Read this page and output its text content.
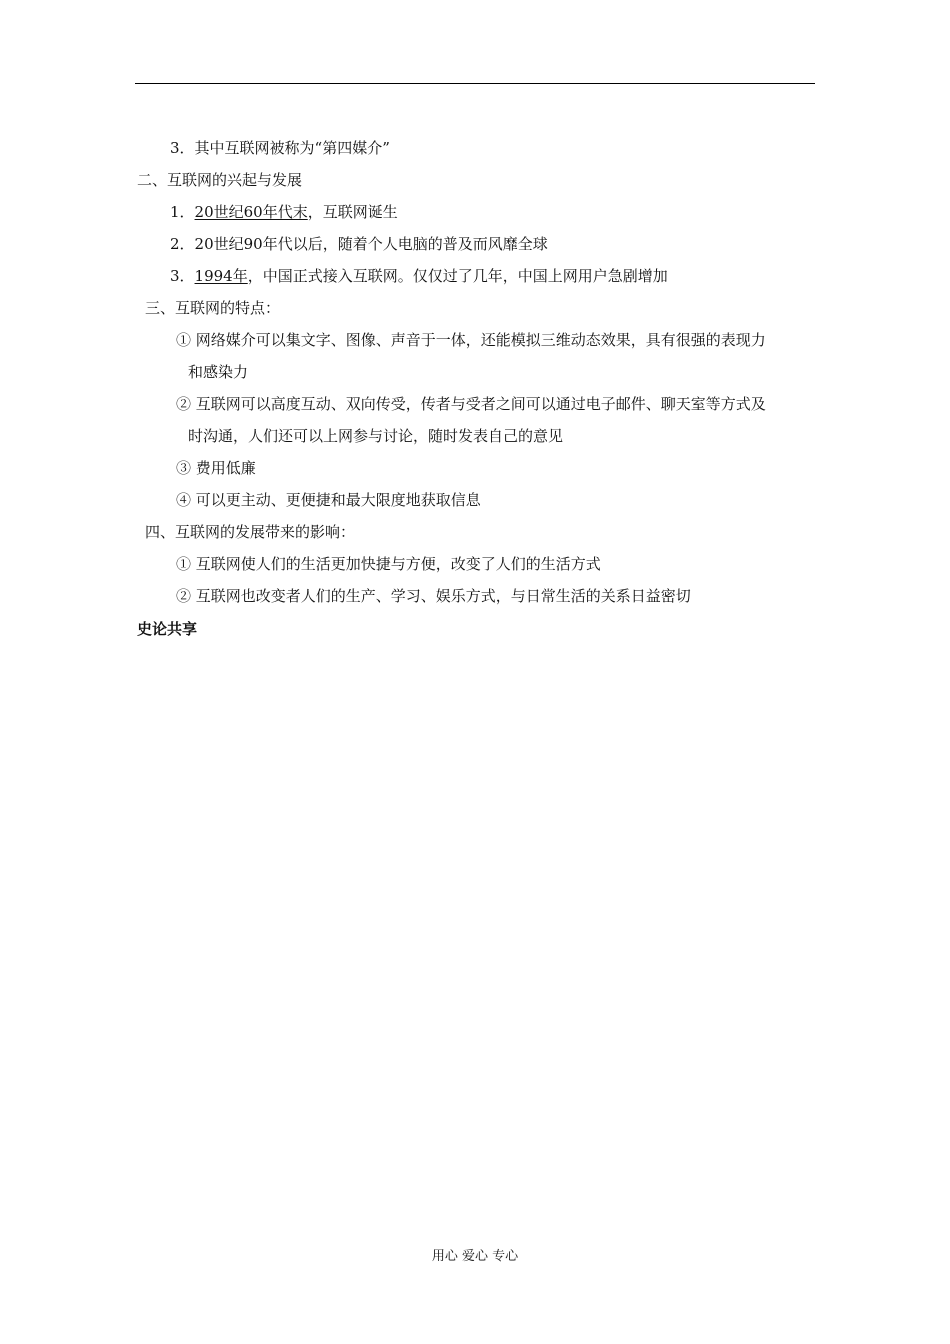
3．其中互联网被称为“第四媒介”
二、互联网的兴起与发展
1．20世纪60年代末，互联网诞生
2．20世纪90年代以后，随着个人电脑的普及而风靡全球
3．1994年，中国正式接入互联网。仅仅过了几年，中国上网用户急剧增加
三、互联网的特点：
① 网络媒介可以集文字、图像、声音于一体，还能模拟三维动态效果，具有很强的表现力
和感染力
② 互联网可以高度互动、双向传受，传者与受者之间可以通过电子邮件、聊天室等方式及
时沟通，人们还可以上网参与讨论，随时发表自己的意见
③ 费用低廉
④ 可以更主动、更便捷和最大限度地获取信息
四、互联网的发展带来的影响：
① 互联网使人们的生活更加快捷与方便，改变了人们的生活方式
② 互联网也改变者人们的生产、学习、娱乐方式，与日常生活的关系日益密切
史论共享
用心 爱心 专心
